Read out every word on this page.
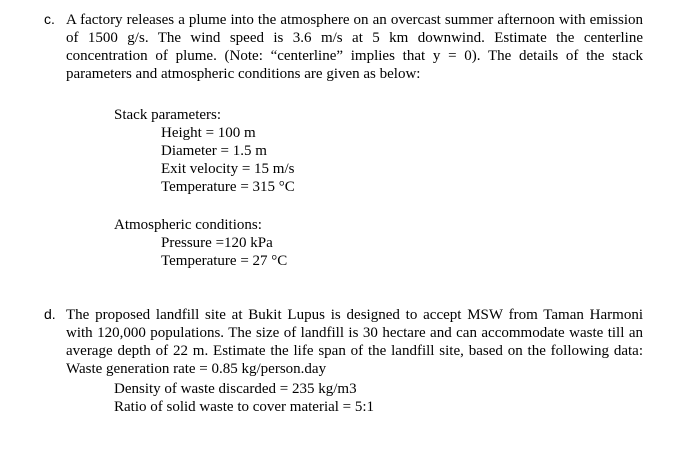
c. A factory releases a plume into the atmosphere on an overcast summer afternoon with emission of 1500 g/s. The wind speed is 3.6 m/s at 5 km downwind. Estimate the centerline concentration of plume. (Note: “centerline” implies that y = 0). The details of the stack parameters and atmospheric conditions are given as below:

Stack parameters:
Height = 100 m
Diameter = 1.5 m
Exit velocity = 15 m/s
Temperature = 315 °C
Atmospheric conditions:
Pressure =120 kPa
Temperature = 27 °C
d. The proposed landfill site at Bukit Lupus is designed to accept MSW from Taman Harmoni with 120,000 populations. The size of landfill is 30 hectare and can accommodate waste till an average depth of 22 m. Estimate the life span of the landfill site, based on the following data: Waste generation rate = 0.85 kg/person.day

Density of waste discarded = 235 kg/m3
Ratio of solid waste to cover material = 5:1
